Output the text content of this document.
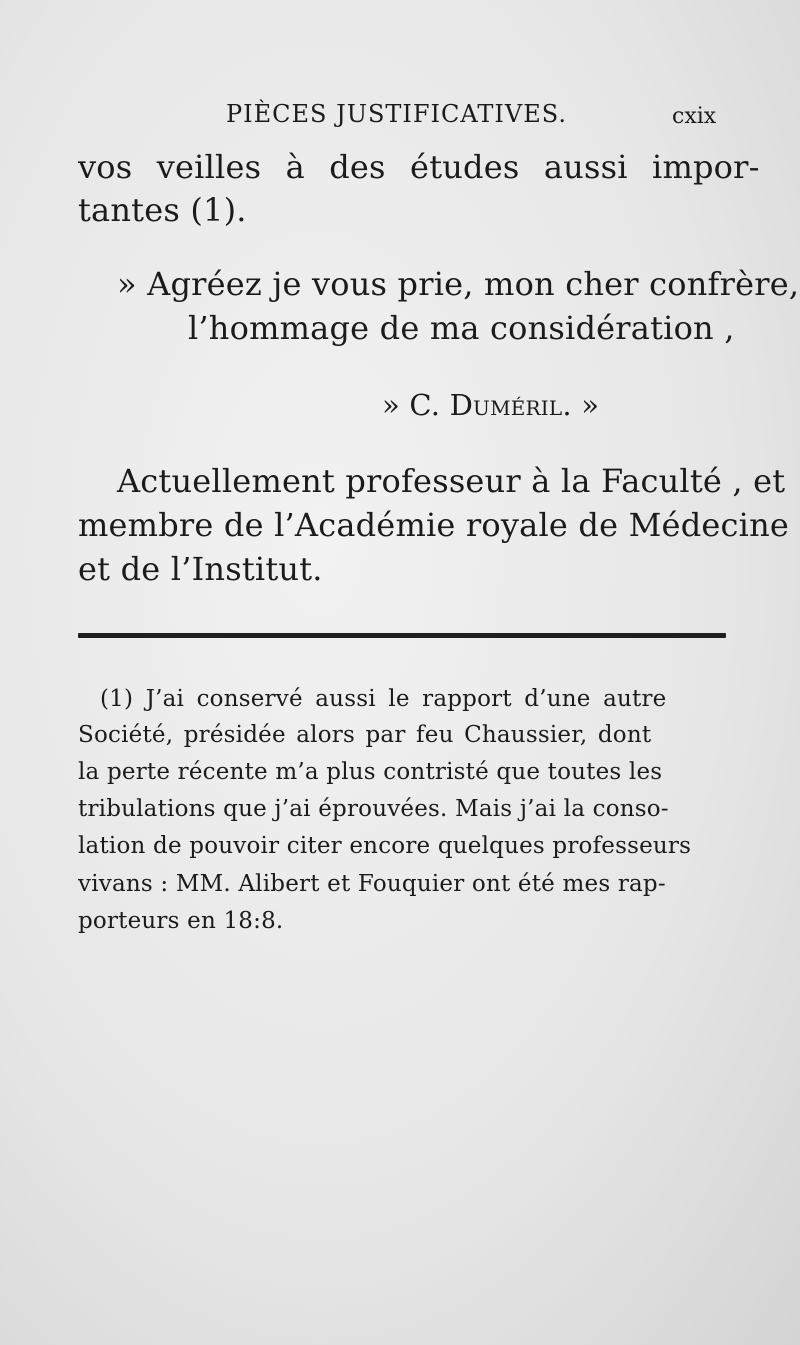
PIÈCES JUSTIFICATIVES.	cxix
vos veilles à des études aussi impor-
tantes (1).
» Agréez je vous prie, mon cher confrère,
l’hommage de ma considération ,
» C. Duméril. »
Actuellement professeur à la Faculté , et
membre de l’Académie royale de Médecine
et de l’Institut.
(1) J’ai conservé aussi le rapport d’une autre
Société, présidée alors par feu Chaussier, dont
la perte récente m’a plus contristé que toutes les
tribulations que j’ai éprouvées. Mais j’ai la conso-
lation de pouvoir citer encore quelques professeurs
vivans : MM. Alibert et Fouquier ont été mes rap-
porteurs en 18:8.
